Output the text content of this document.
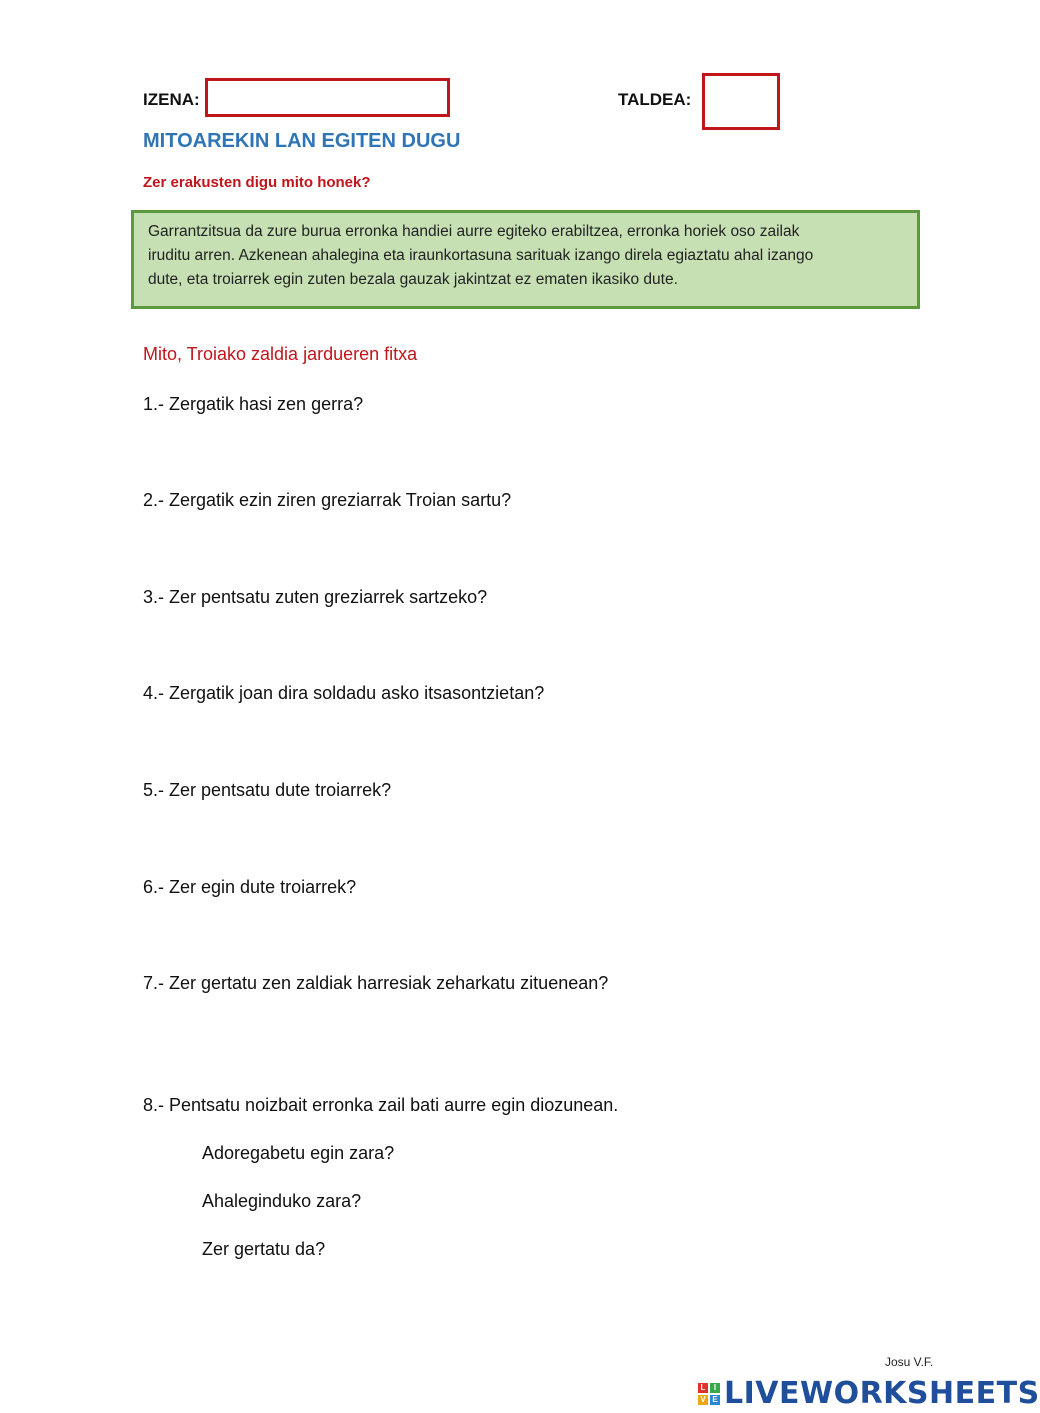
IZENA:	TALDEA:
MITOAREKIN LAN EGITEN DUGU
Zer erakusten digu mito honek?
Garrantzitsua da zure burua erronka handiei aurre egiteko erabiltzea, erronka horiek oso zailak
iruditu arren. Azkenean ahalegina eta iraunkortasuna sarituak izango direla egiaztatu ahal izango
dute, eta troiarrek egin zuten bezala gauzak jakintzat ez ematen ikasiko dute.
Mito, Troiako zaldia jardueren fitxa
1.- Zergatik hasi zen gerra?
2.- Zergatik ezin ziren greziarrak Troian sartu?
3.- Zer pentsatu zuten greziarrek sartzeko?
4.- Zergatik joan dira soldadu asko itsasontzietan?
5.- Zer pentsatu dute troiarrek?
6.- Zer egin dute troiarrek?
7.- Zer gertatu zen zaldiak harresiak zeharkatu zituenean?
8.- Pentsatu noizbait erronka zail bati aurre egin diozunean.
Adoregabetu egin zara?
Ahaleginduko zara?
Zer gertatu da?
Josu V.F.
L	I
V E LIVEWORKSHEETS
